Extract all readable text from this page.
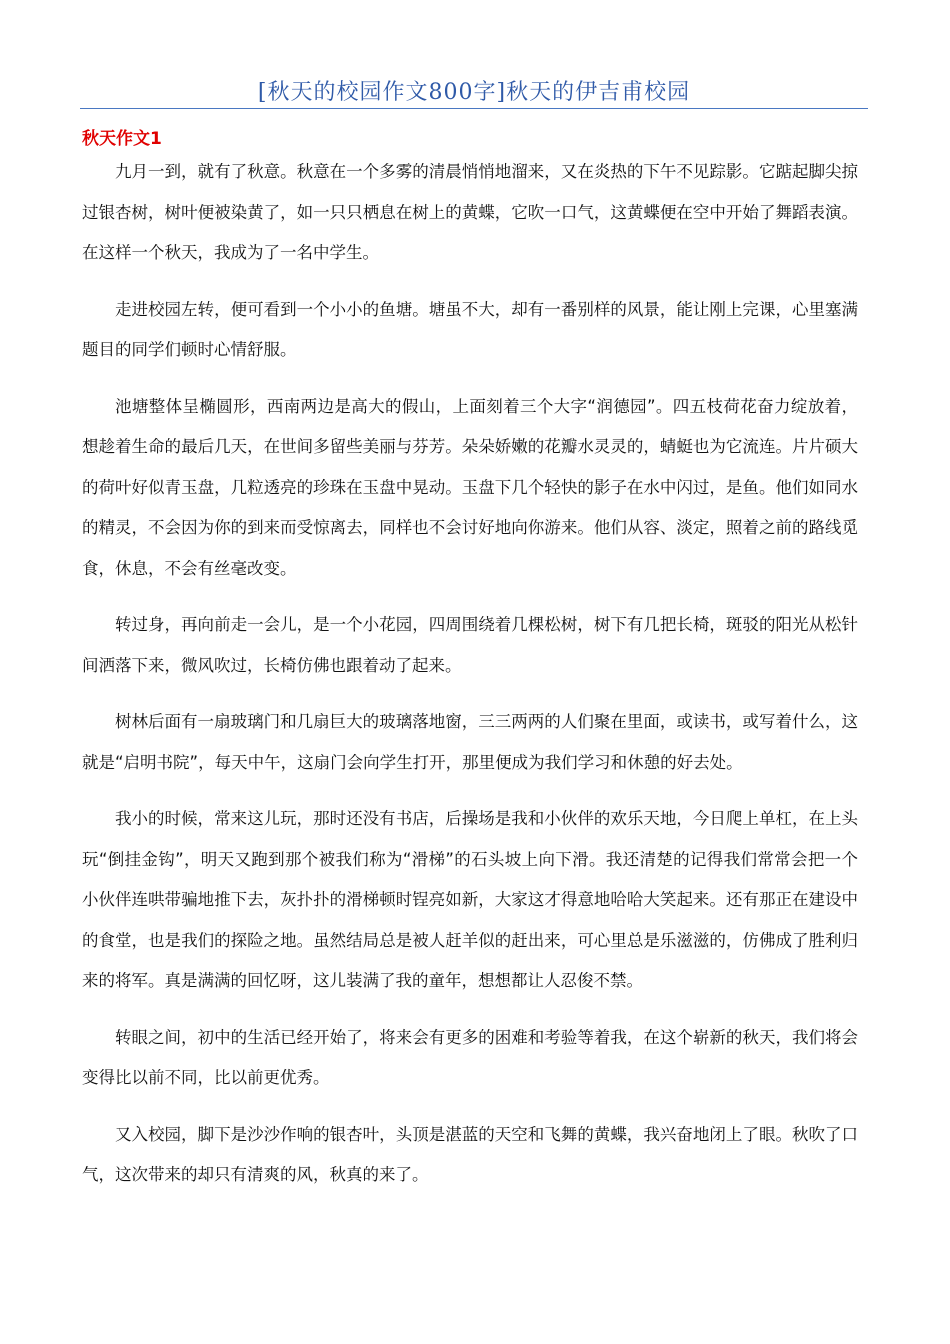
[秋天的校园作文800字]秋天的伊吉甫校园
秋天作文1

九月一到，就有了秋意。秋意在一个多雾的清晨悄悄地溜来，又在炎热的下午不见踪影。它踮起脚尖掠过银杏树，树叶便被染黄了，如一只只栖息在树上的黄蝶，它吹一口气，这黄蝶便在空中开始了舞蹈表演。在这样一个秋天，我成为了一名中学生。

走进校园左转，便可看到一个小小的鱼塘。塘虽不大，却有一番别样的风景，能让刚上完课，心里塞满题目的同学们顿时心情舒服。

池塘整体呈椭圆形，西南两边是高大的假山，上面刻着三个大字“润德园”。四五枝荷花奋力绽放着，想趁着生命的最后几天，在世间多留些美丽与芬芳。朵朵娇嫩的花瓣水灵灵的，蜻蜓也为它流连。片片硕大的荷叶好似青玉盘，几粒透亮的珍珠在玉盘中晃动。玉盘下几个轻快的影子在水中闪过，是鱼。他们如同水的精灵，不会因为你的到来而受惊离去，同样也不会讨好地向你游来。他们从容、淡定，照着之前的路线觅食，休息，不会有丝毫改变。

转过身，再向前走一会儿，是一个小花园，四周围绕着几棵松树，树下有几把长椅，斑驳的阳光从松针间洒落下来，微风吹过，长椅仿佛也跟着动了起来。

树林后面有一扇玻璃门和几扇巨大的玻璃落地窗，三三两两的人们聚在里面，或读书，或写着什么，这就是“启明书院”，每天中午，这扇门会向学生打开，那里便成为我们学习和休憩的好去处。

我小的时候，常来这儿玩，那时还没有书店，后操场是我和小伙伴的欢乐天地，今日爬上单杠，在上头玩“倒挂金钩”，明天又跑到那个被我们称为“滑梯”的石头坡上向下滑。我还清楚的记得我们常常会把一个小伙伴连哄带骗地推下去，灰扑扑的滑梯顿时锃亮如新，大家这才得意地哈哈大笑起来。还有那正在建设中的食堂，也是我们的探险之地。虽然结局总是被人赶羊似的赶出来，可心里总是乐滋滋的，仿佛成了胜利归来的将军。真是满满的回忆呀，这儿装满了我的童年，想想都让人忍俊不禁。

转眼之间，初中的生活已经开始了，将来会有更多的困难和考验等着我，在这个崭新的秋天，我们将会变得比以前不同，比以前更优秀。

又入校园，脚下是沙沙作响的银杏叶，头顶是湛蓝的天空和飞舞的黄蝶，我兴奋地闭上了眼。秋吹了口气，这次带来的却只有清爽的风，秋真的来了。
